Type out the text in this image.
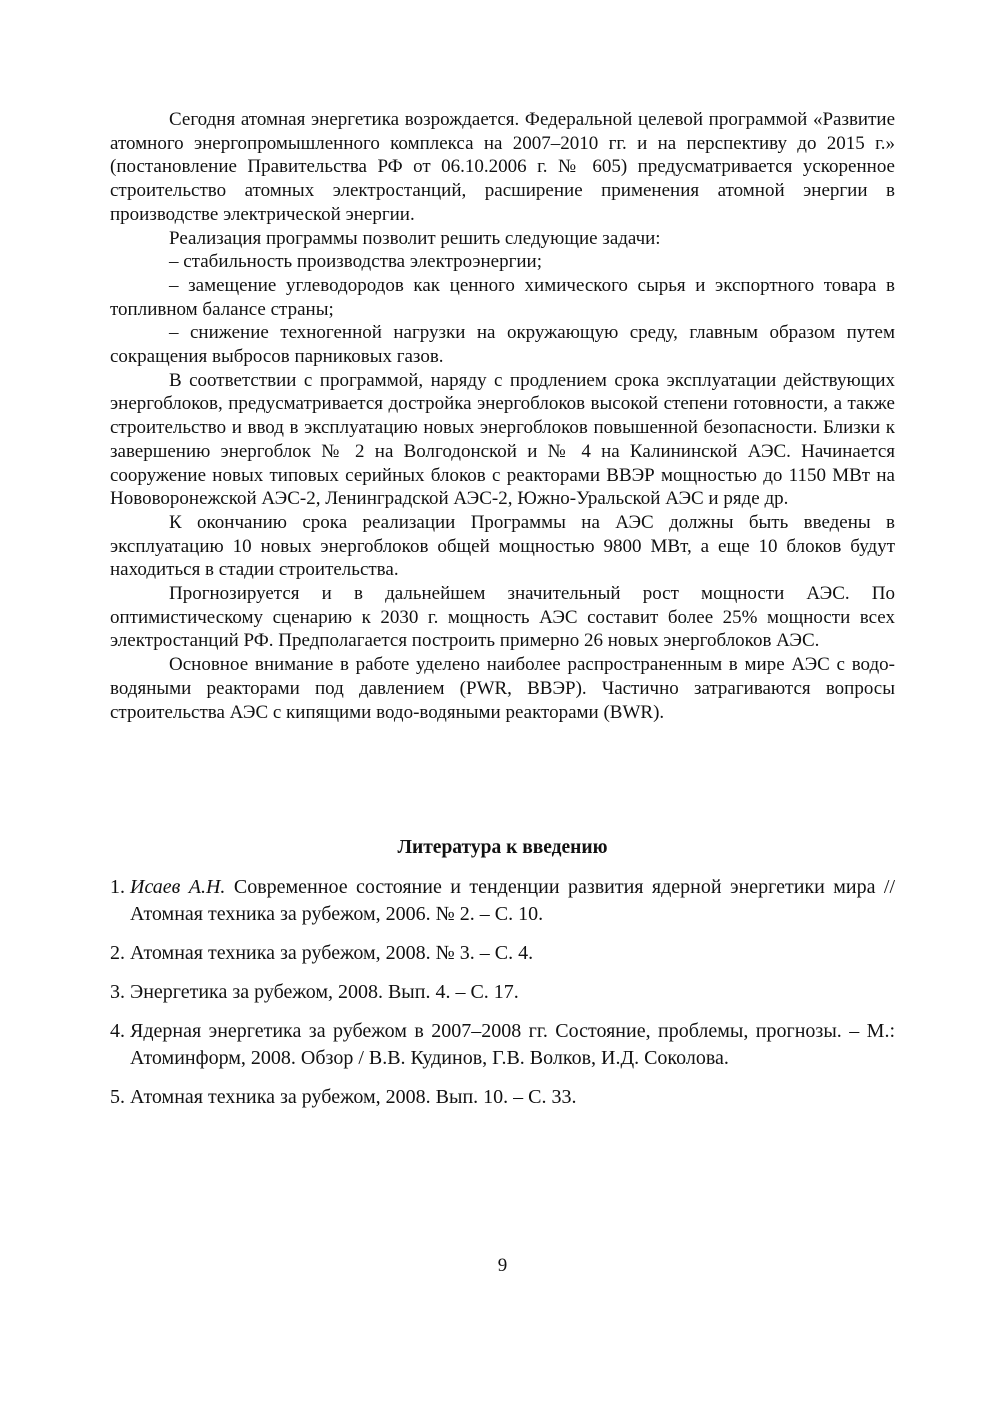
Сегодня атомная энергетика возрождается. Федеральной целевой программой «Развитие атомного энергопромышленного комплекса на 2007–2010 гг. и на перспективу до 2015 г.» (постановление Правительства РФ от 06.10.2006 г. № 605) предусматривается ускоренное строительство атомных электростанций, расширение применения атомной энергии в производстве электрической энергии.

Реализация программы позволит решить следующие задачи:

– стабильность производства электроэнергии;

– замещение углеводородов как ценного химического сырья и экспортного товара в топливном балансе страны;

– снижение техногенной нагрузки на окружающую среду, главным образом путем сокращения выбросов парниковых газов.

В соответствии с программой, наряду с продлением срока эксплуатации действующих энергоблоков, предусматривается достройка энергоблоков высокой степени готовности, а также строительство и ввод в эксплуатацию новых энергоблоков повышенной безопасности. Близки к завершению энергоблок № 2 на Волгодонской и № 4 на Калининской АЭС. Начинается сооружение новых типовых серийных блоков с реакторами ВВЭР мощностью до 1150 МВт на Нововоронежской АЭС-2, Ленинградской АЭС-2, Южно-Уральской АЭС и ряде др.

К окончанию срока реализации Программы на АЭС должны быть введены в эксплуатацию 10 новых энергоблоков общей мощностью 9800 МВт, а еще 10 блоков будут находиться в стадии строительства.

Прогнозируется и в дальнейшем значительный рост мощности АЭС. По оптимистическому сценарию к 2030 г. мощность АЭС составит более 25% мощности всех электростанций РФ. Предполагается построить примерно 26 новых энергоблоков АЭС.

Основное внимание в работе уделено наиболее распространенным в мире АЭС с водо-водяными реакторами под давлением (PWR, ВВЭР). Частично затрагиваются вопросы строительства АЭС с кипящими водо-водяными реакторами (BWR).

Литература к введению
1. Исаев А.Н. Современное состояние и тенденции развития ядерной энергетики мира // Атомная техника за рубежом, 2006. № 2. – С. 10.
2. Атомная техника за рубежом, 2008. № 3. – С. 4.
3. Энергетика за рубежом, 2008. Вып. 4. – С. 17.
4. Ядерная энергетика за рубежом в 2007–2008 гг. Состояние, проблемы, прогнозы. – М.: Атоминформ, 2008. Обзор / В.В. Кудинов, Г.В. Волков, И.Д. Соколова.
5. Атомная техника за рубежом, 2008. Вып. 10. – С. 33.
9
